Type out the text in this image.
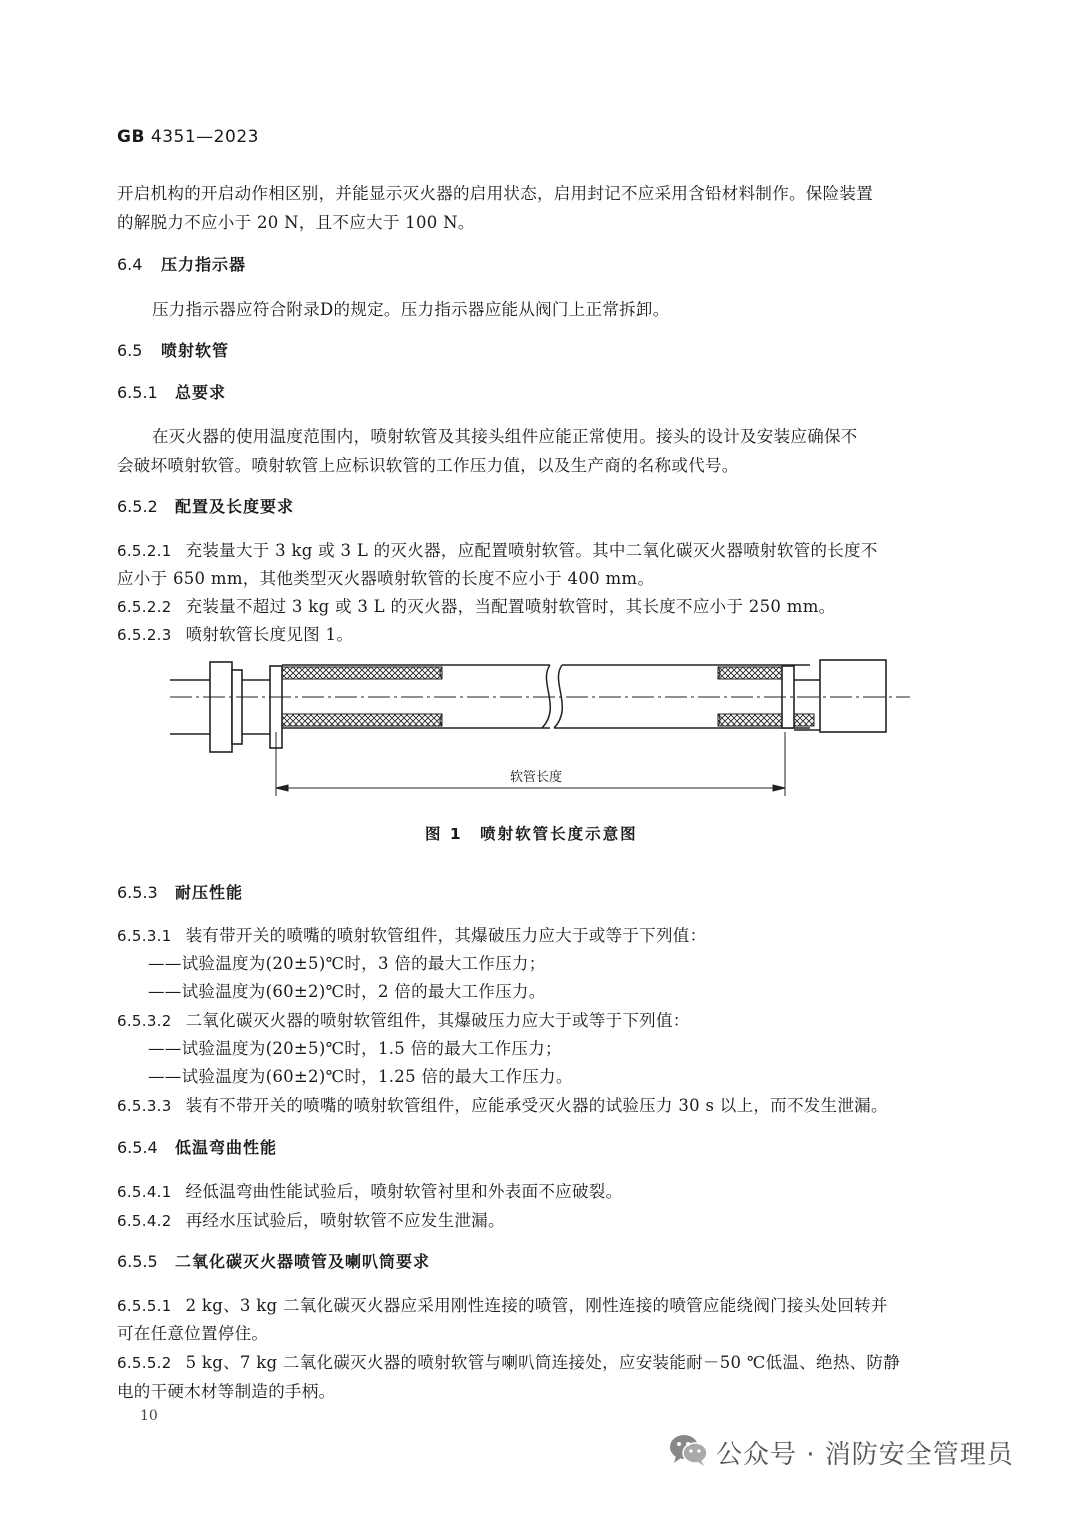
GB 4351—2023
开启机构的开启动作相区别，并能显示灭火器的启用状态，启用封记不应采用含铅材料制作。保险装置
的解脱力不应小于 20 N，且不应大于 100 N。
6.4 压力指示器
压力指示器应符合附录D的规定。压力指示器应能从阀门上正常拆卸。
6.5 喷射软管
6.5.1 总要求
在灭火器的使用温度范围内，喷射软管及其接头组件应能正常使用。接头的设计及安装应确保不
会破坏喷射软管。喷射软管上应标识软管的工作压力值，以及生产商的名称或代号。
6.5.2 配置及长度要求
6.5.2.1 充装量大于 3 kg 或 3 L 的灭火器，应配置喷射软管。其中二氧化碳灭火器喷射软管的长度不
应小于 650 mm，其他类型灭火器喷射软管的长度不应小于 400 mm。
6.5.2.2 充装量不超过 3 kg 或 3 L 的灭火器，当配置喷射软管时，其长度不应小于 250 mm。
6.5.2.3 喷射软管长度见图 1。
软管长度
图 1　喷射软管长度示意图
6.5.3 耐压性能
6.5.3.1 装有带开关的喷嘴的喷射软管组件，其爆破压力应大于或等于下列值：
——试验温度为(20±5)℃时，3 倍的最大工作压力；
——试验温度为(60±2)℃时，2 倍的最大工作压力。
6.5.3.2 二氧化碳灭火器的喷射软管组件，其爆破压力应大于或等于下列值：
——试验温度为(20±5)℃时，1.5 倍的最大工作压力；
——试验温度为(60±2)℃时，1.25 倍的最大工作压力。
6.5.3.3 装有不带开关的喷嘴的喷射软管组件，应能承受灭火器的试验压力 30 s 以上，而不发生泄漏。
6.5.4 低温弯曲性能
6.5.4.1 经低温弯曲性能试验后，喷射软管衬里和外表面不应破裂。
6.5.4.2 再经水压试验后，喷射软管不应发生泄漏。
6.5.5 二氧化碳灭火器喷管及喇叭筒要求
6.5.5.1 2 kg、3 kg 二氧化碳灭火器应采用刚性连接的喷管，刚性连接的喷管应能绕阀门接头处回转并
可在任意位置停住。
6.5.5.2 5 kg、7 kg 二氧化碳灭火器的喷射软管与喇叭筒连接处，应安装能耐－50 ℃低温、绝热、防静
电的干硬木材等制造的手柄。
10
公众号 · 消防安全管理员
